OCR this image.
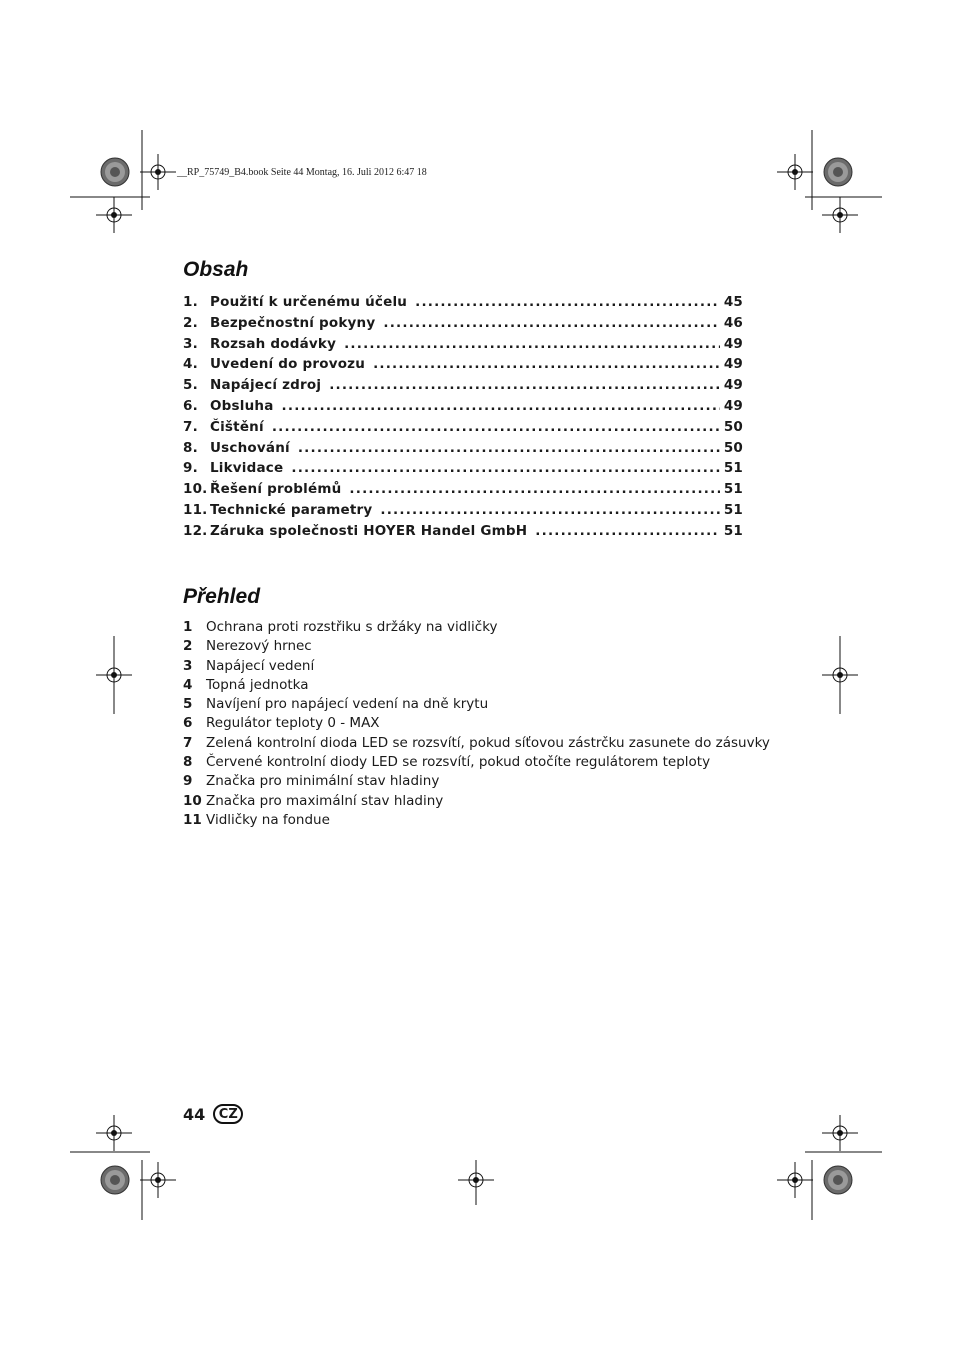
__RP_75749_B4.book Seite 44 Montag, 16. Juli 2012 6:47 18
Obsah
1. Použití k určenému účelu .....	45
2. Bezpečnostní pokyny .....	46
3. Rozsah dodávky .....	49
4. Uvedení do provozu .....	49
5. Napájecí zdroj .....	49
6. Obsluha .....	49
7. Čištění .....	50
8. Uschování .....	50
9. Likvidace .....	51
10. Řešení problémů .....	51
11. Technické parametry .....	51
12. Záruka společnosti HOYER Handel GmbH .....	51
Přehled
1	Ochrana proti rozstřiku s držáky na vidličky
2	Nerezový hrnec
3	Napájecí vedení
4	Topná jednotka
5	Navíjení pro napájecí vedení na dně krytu
6	Regulátor teploty 0 - MAX
7	Zelená kontrolní dioda LED se rozsvítí, pokud síťovou zástrčku zasunete do zásuvky
8	Červené kontrolní diody LED se rozsvítí, pokud otočíte regulátorem teploty
9	Značka pro minimální stav hladiny
10 Značka pro maximální stav hladiny
11 Vidličky na fondue
44	CZ
